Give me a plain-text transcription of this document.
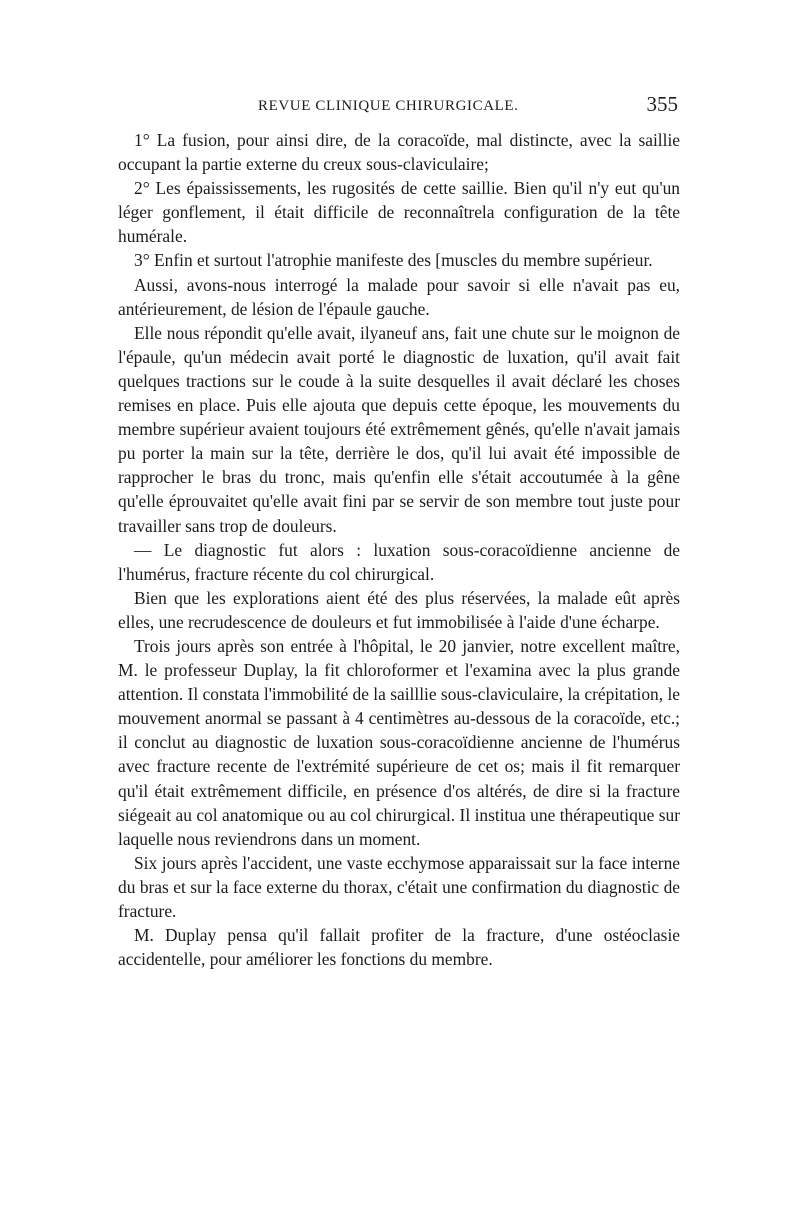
REVUE CLINIQUE CHIRURGICALE.	355

1° La fusion, pour ainsi dire, de la coracoïde, mal distincte, avec la saillie occupant la partie externe du creux sous-claviculaire;

2° Les épaississements, les rugosités de cette saillie. Bien qu'il n'y eut qu'un léger gonflement, il était difficile de reconnaîtrela configuration de la tête humérale.

3° Enfin et surtout l'atrophie manifeste des [muscles du membre supérieur.

Aussi, avons-nous interrogé la malade pour savoir si elle n'avait pas eu, antérieurement, de lésion de l'épaule gauche.

Elle nous répondit qu'elle avait, ilyaneuf ans, fait une chute sur le moignon de l'épaule, qu'un médecin avait porté le diagnostic de luxation, qu'il avait fait quelques tractions sur le coude à la suite desquelles il avait déclaré les choses remises en place. Puis elle ajouta que depuis cette époque, les mouvements du membre supérieur avaient toujours été extrêmement gênés, qu'elle n'avait jamais pu porter la main sur la tête, derrière le dos, qu'il lui avait été impossible de rapprocher le bras du tronc, mais qu'enfin elle s'était accoutumée à la gêne qu'elle éprouvaitet qu'elle avait fini par se servir de son membre tout juste pour travailler sans trop de douleurs.

— Le diagnostic fut alors : luxation sous-coracoïdienne ancienne de l'humérus, fracture récente du col chirurgical.

Bien que les explorations aient été des plus réservées, la malade eût après elles, une recrudescence de douleurs et fut immobilisée à l'aide d'une écharpe.

Trois jours après son entrée à l'hôpital, le 20 janvier, notre excellent maître, M. le professeur Duplay, la fit chloroformer et l'examina avec la plus grande attention. Il constata l'immobilité de la sailllie sous-claviculaire, la crépitation, le mouvement anormal se passant à 4 centimètres au-dessous de la coracoïde, etc.; il conclut au diagnostic de luxation sous-coracoïdienne ancienne de l'humérus avec fracture recente de l'extrémité supérieure de cet os; mais il fit remarquer qu'il était extrêmement difficile, en présence d'os altérés, de dire si la fracture siégeait au col anatomique ou au col chirurgical. Il institua une thérapeutique sur laquelle nous reviendrons dans un moment.

Six jours après l'accident, une vaste ecchymose apparaissait sur la face interne du bras et sur la face externe du thorax, c'était une confirmation du diagnostic de fracture.

M. Duplay pensa qu'il fallait profiter de la fracture, d'une ostéoclasie accidentelle, pour améliorer les fonctions du membre.
